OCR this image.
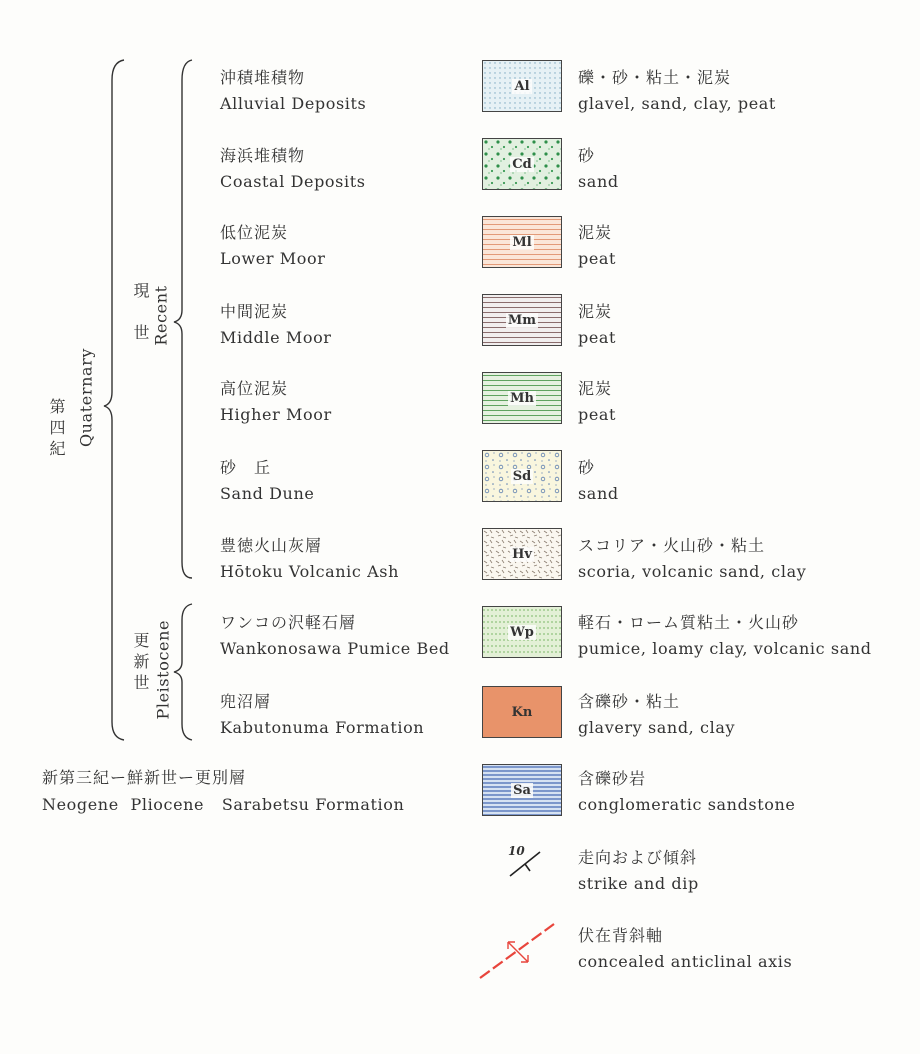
第四紀 Quaternary
現　世 Recent
更新世 Pleistocene
新第三紀ー鮮新世ー更別層
Neogene Pliocene Sarabetsu Formation
沖積堆積物
Alluvial Deposits
海浜堆積物
Coastal Deposits
低位泥炭
Lower Moor
中間泥炭
Middle Moor
高位泥炭
Higher Moor
砂　丘
Sand Dune
豊徳火山灰層
Hōtoku Volcanic Ash
ワンコの沢軽石層
Wankonosawa Pumice Bed
兜沼層
Kabutonuma Formation
Al
Cd
Ml
Mm
Mh
Sd
Hv
Wp
Kn
Sa
礫・砂・粘土・泥炭
glavel, sand, clay, peat
砂
sand
泥炭
peat
泥炭
peat
泥炭
peat
砂
sand
スコリア・火山砂・粘土
scoria, volcanic sand, clay
軽石・ローム質粘土・火山砂
pumice, loamy clay, volcanic sand
含礫砂・粘土
glavery sand, clay
含礫砂岩
conglomeratic sandstone
10	走向および傾斜
strike and dip
伏在背斜軸
concealed anticlinal axis
